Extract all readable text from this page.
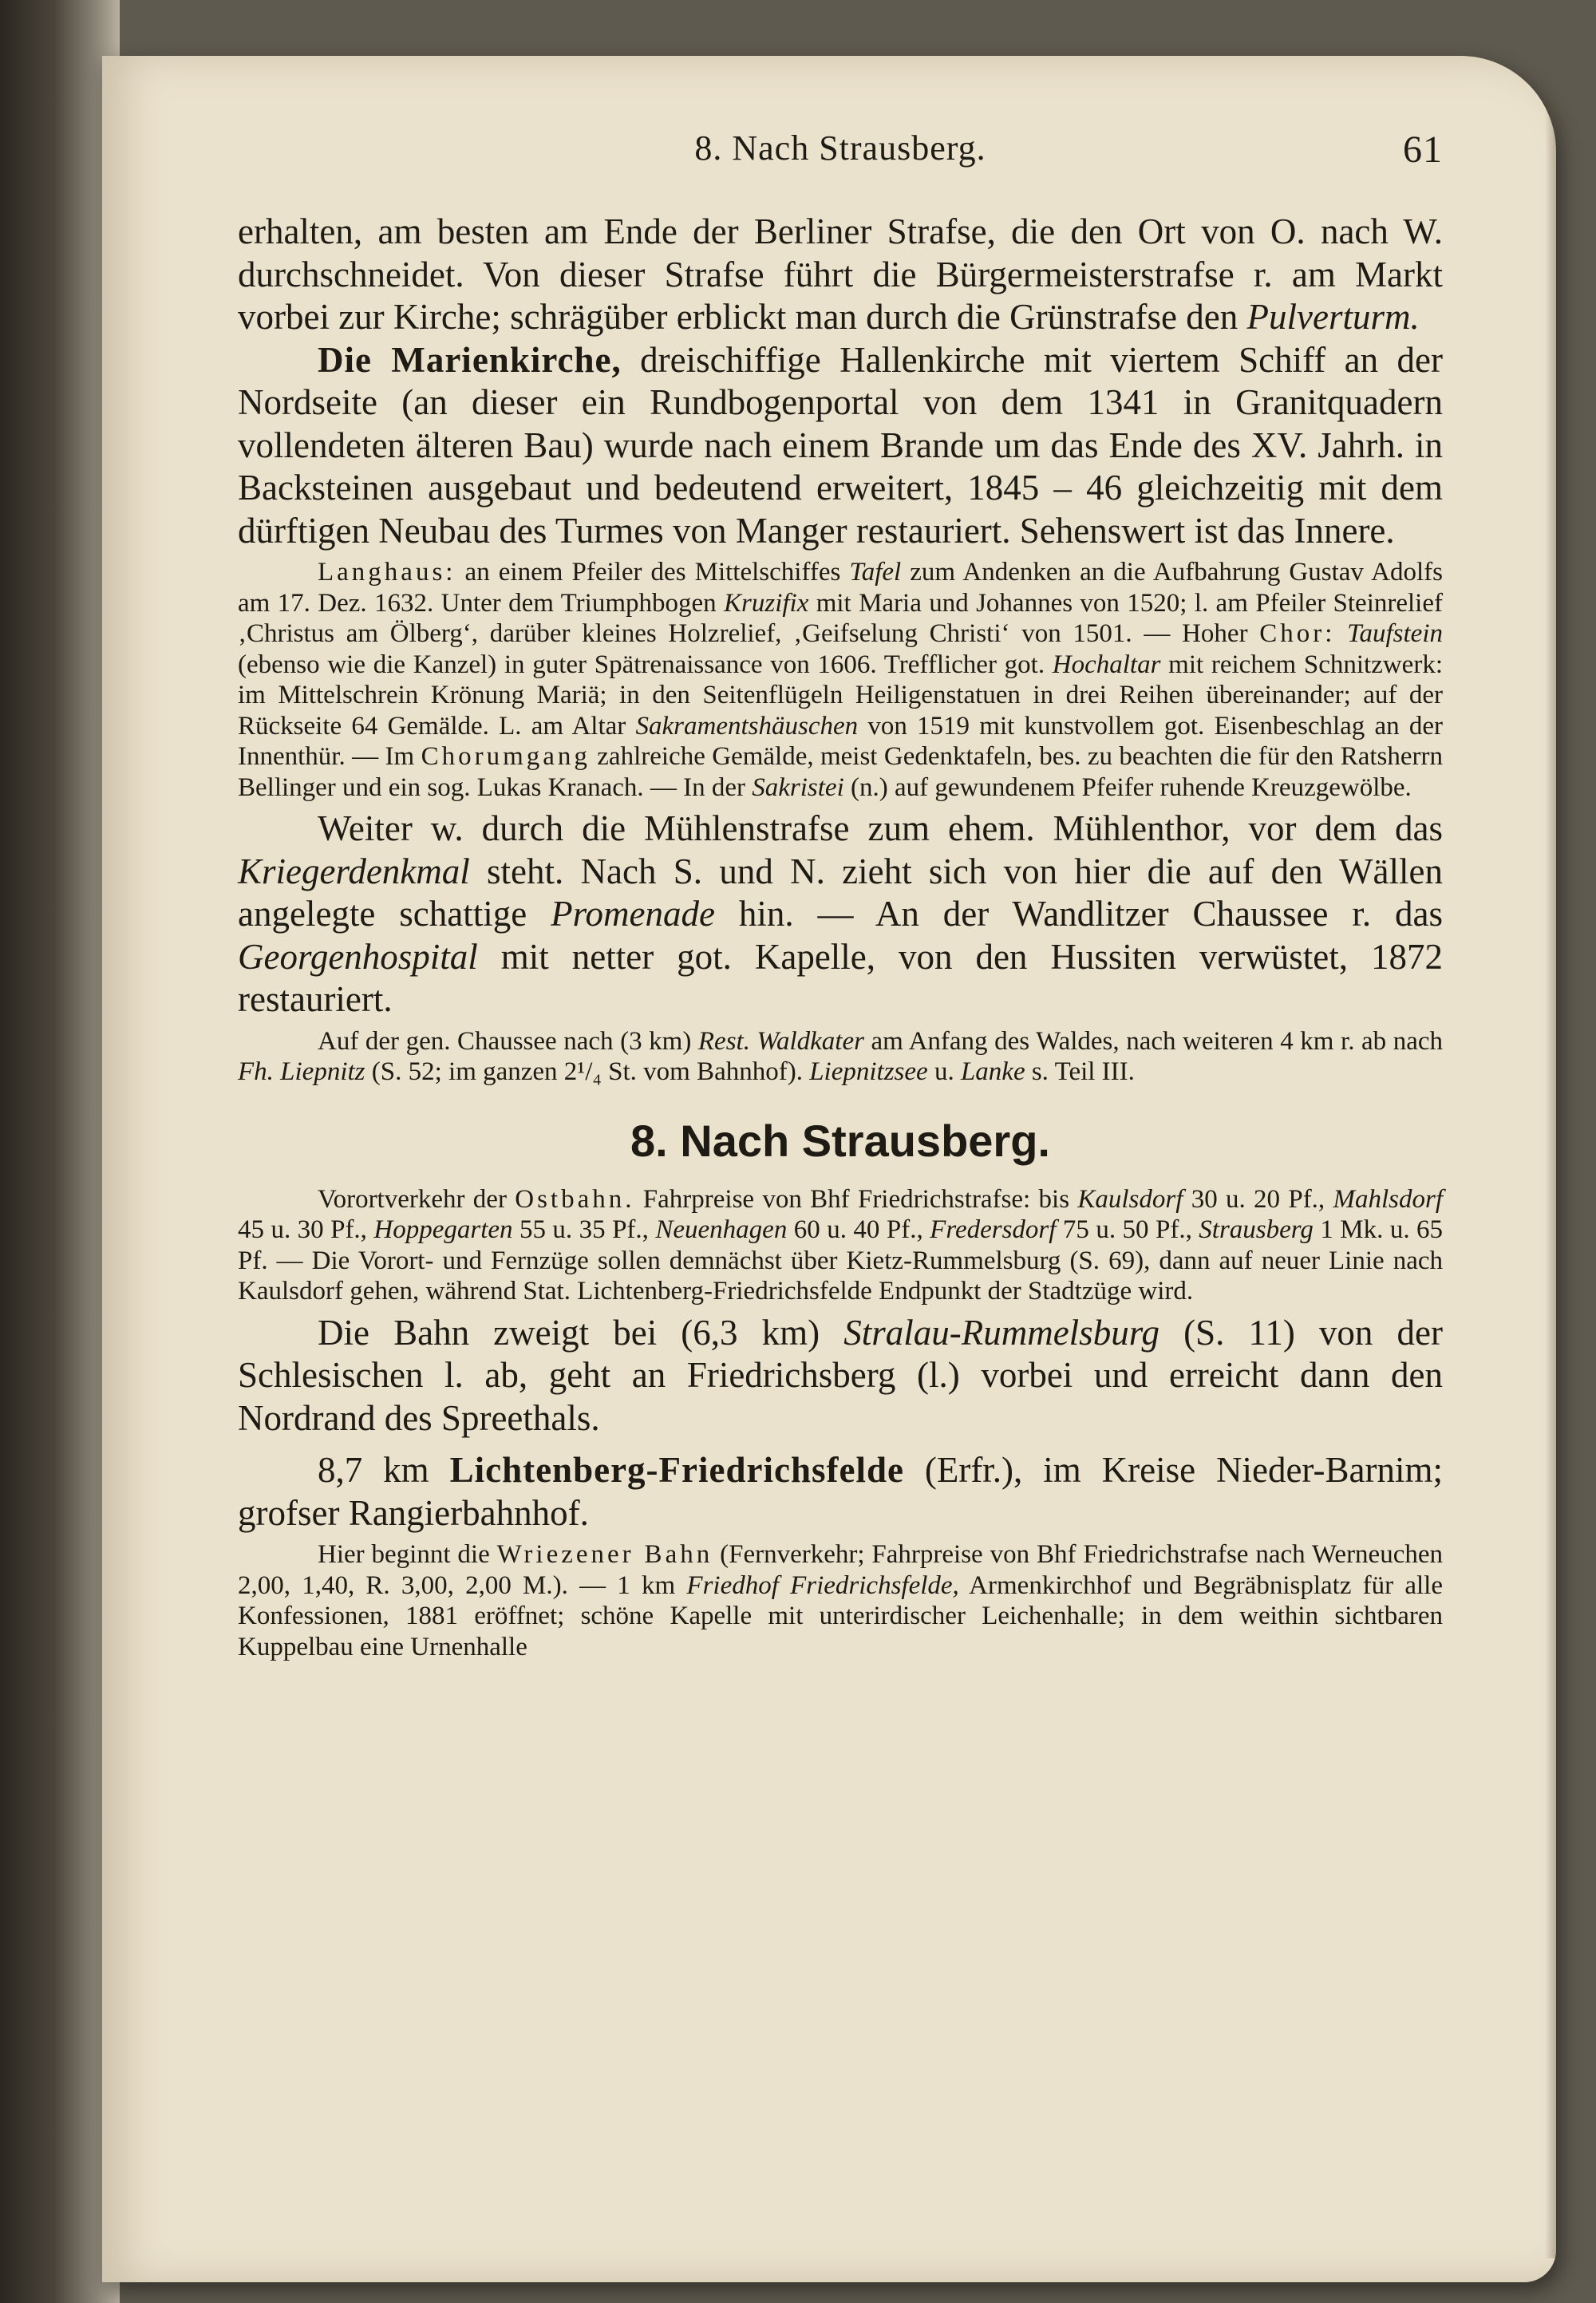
8. Nach Strausberg.	61

erhalten, am besten am Ende der Berliner Strafse, die den Ort von O. nach W. durchschneidet. Von dieser Strafse führt die Bürgermeisterstrafse r. am Markt vorbei zur Kirche; schrägüber erblickt man durch die Grünstrafse den Pulverturm.

Die Marienkirche, dreischiffige Hallenkirche mit viertem Schiff an der Nordseite (an dieser ein Rundbogenportal von dem 1341 in Granitquadern vollendeten älteren Bau) wurde nach einem Brande um das Ende des XV. Jahrh. in Backsteinen ausgebaut und bedeutend erweitert, 1845 – 46 gleichzeitig mit dem dürftigen Neubau des Turmes von Manger restauriert. Sehenswert ist das Innere.

Langhaus: an einem Pfeiler des Mittelschiffes Tafel zum Andenken an die Aufbahrung Gustav Adolfs am 17. Dez. 1632. Unter dem Triumphbogen Kruzifix mit Maria und Johannes von 1520; l. am Pfeiler Steinrelief ‚Christus am Ölberg‘, darüber kleines Holzrelief, ‚Geifselung Christi‘ von 1501. — Hoher Chor: Taufstein (ebenso wie die Kanzel) in guter Spätrenaissance von 1606. Trefflicher got. Hochaltar mit reichem Schnitzwerk: im Mittelschrein Krönung Mariä; in den Seitenflügeln Heiligenstatuen in drei Reihen übereinander; auf der Rückseite 64 Gemälde. L. am Altar Sakramentshäuschen von 1519 mit kunstvollem got. Eisenbeschlag an der Innenthür. — Im Chorumgang zahlreiche Gemälde, meist Gedenktafeln, bes. zu beachten die für den Ratsherrn Bellinger und ein sog. Lukas Kranach. — In der Sakristei (n.) auf gewundenem Pfeifer ruhende Kreuzgewölbe.

Weiter w. durch die Mühlenstrafse zum ehem. Mühlenthor, vor dem das Kriegerdenkmal steht. Nach S. und N. zieht sich von hier die auf den Wällen angelegte schattige Promenade hin. — An der Wandlitzer Chaussee r. das Georgenhospital mit netter got. Kapelle, von den Hussiten verwüstet, 1872 restauriert.

Auf der gen. Chaussee nach (3 km) Rest. Waldkater am Anfang des Waldes, nach weiteren 4 km r. ab nach Fh. Liepnitz (S. 52; im ganzen 2¹/₄ St. vom Bahnhof). Liepnitzsee u. Lanke s. Teil III.

8. Nach Strausberg.

Vorortverkehr der Ostbahn. Fahrpreise von Bhf Friedrichstrafse: bis Kaulsdorf 30 u. 20 Pf., Mahlsdorf 45 u. 30 Pf., Hoppegarten 55 u. 35 Pf., Neuenhagen 60 u. 40 Pf., Fredersdorf 75 u. 50 Pf., Strausberg 1 Mk. u. 65 Pf. — Die Vorort- und Fernzüge sollen demnächst über Kietz-Rummelsburg (S. 69), dann auf neuer Linie nach Kaulsdorf gehen, während Stat. Lichtenberg-Friedrichsfelde Endpunkt der Stadtzüge wird.

Die Bahn zweigt bei (6,3 km) Stralau-Rummelsburg (S. 11) von der Schlesischen l. ab, geht an Friedrichsberg (l.) vorbei und erreicht dann den Nordrand des Spreethals.

8,7 km Lichtenberg-Friedrichsfelde (Erfr.), im Kreise Nieder-Barnim; grofser Rangierbahnhof.

Hier beginnt die Wriezener Bahn (Fernverkehr; Fahrpreise von Bhf Friedrichstrafse nach Werneuchen 2,00, 1,40, R. 3,00, 2,00 M.). — 1 km Friedhof Friedrichsfelde, Armenkirchhof und Begräbnisplatz für alle Konfessionen, 1881 eröffnet; schöne Kapelle mit unterirdischer Leichenhalle; in dem weithin sichtbaren Kuppelbau eine Urnenhalle
